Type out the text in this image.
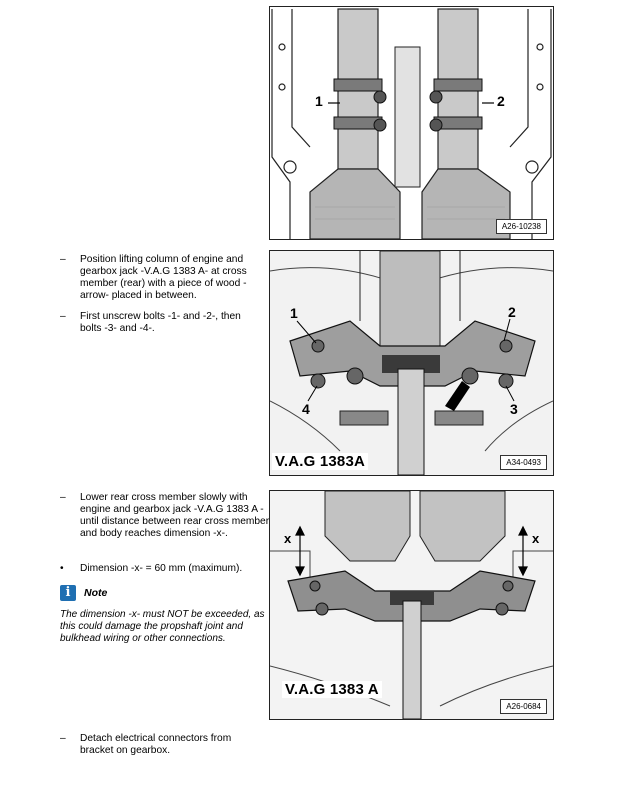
1	2
A26-10238
1	2
4	3
V.A.G 1383A	A34-0493
x	x
V.A.G 1383 A
A26-0684
–	Position lifting column of engine and gearbox jack -V.A.G 1383 A- at cross member (rear) with a piece of wood -arrow- placed in between.
–	First unscrew bolts -1- and -2-, then bolts -3- and -4-.
–	Lower rear cross member slowly with engine and gearbox jack -V.A.G 1383 A - until distance between rear cross member and body reaches dimension -x-.
•	Dimension -x- = 60 mm (maximum).
i	Note
The dimension -x- must NOT be exceeded, as this could damage the propshaft joint and bulkhead wiring or other connections.
–	Detach electrical connectors from bracket on gearbox.
